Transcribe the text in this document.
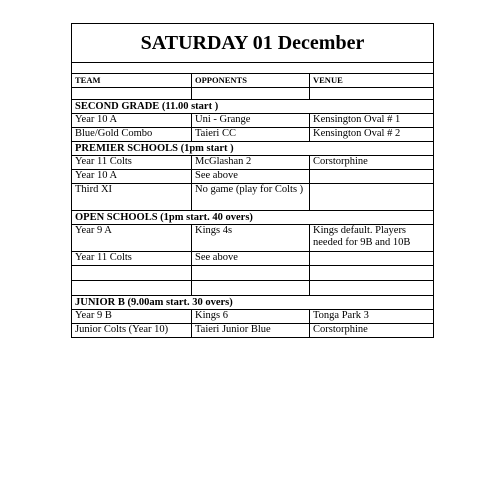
SATURDAY 01 December		

TEAM	OPPONENTS	VENUE

SECOND GRADE (11.00 start )		
Year 10 A	Uni - Grange	Kensington Oval # 1
Blue/Gold Combo	Taieri CC	Kensington Oval # 2
PREMIER SCHOOLS (1pm start )		
Year 11 Colts	McGlashan 2	Corstorphine
Year 10 A	See above	
Third XI	No game (play for Colts )	
OPEN SCHOOLS (1pm start. 40 overs)		
Year 9 A	Kings 4s	Kings default. Players needed for 9B and 10B
Year 11 Colts	See above	

JUNIOR B (9.00am start. 30 overs)		
Year 9 B	Kings 6	Tonga Park 3
Junior Colts (Year 10)	Taieri Junior Blue	Corstorphine
